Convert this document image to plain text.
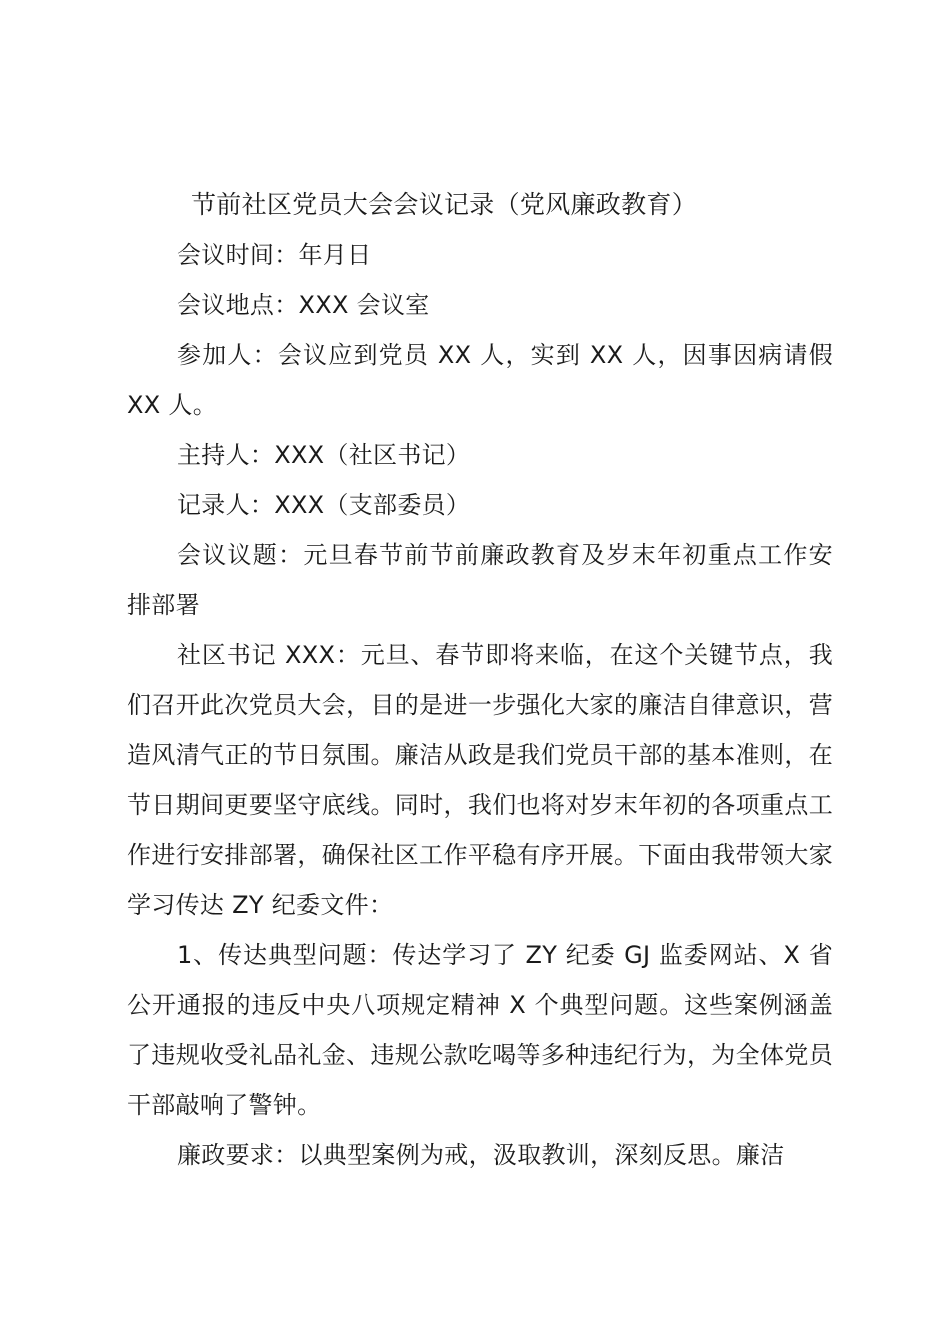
节前社区党员大会会议记录（党风廉政教育）

会议时间：年月日

会议地点：XXX 会议室

参加人：会议应到党员 XX 人，实到 XX 人，因事因病请假 XX 人。

主持人：XXX（社区书记）

记录人：XXX（支部委员）

会议议题：元旦春节前节前廉政教育及岁末年初重点工作安排部署

社区书记 XXX：元旦、春节即将来临，在这个关键节点，我们召开此次党员大会，目的是进一步强化大家的廉洁自律意识，营造风清气正的节日氛围。廉洁从政是我们党员干部的基本准则，在节日期间更要坚守底线。同时，我们也将对岁末年初的各项重点工作进行安排部署，确保社区工作平稳有序开展。下面由我带领大家学习传达 ZY 纪委文件：

1、传达典型问题：传达学习了 ZY 纪委 GJ 监委网站、X 省公开通报的违反中央八项规定精神 X 个典型问题。这些案例涵盖了违规收受礼品礼金、违规公款吃喝等多种违纪行为，为全体党员干部敲响了警钟。

廉政要求：以典型案例为戒，汲取教训，深刻反思。廉洁
